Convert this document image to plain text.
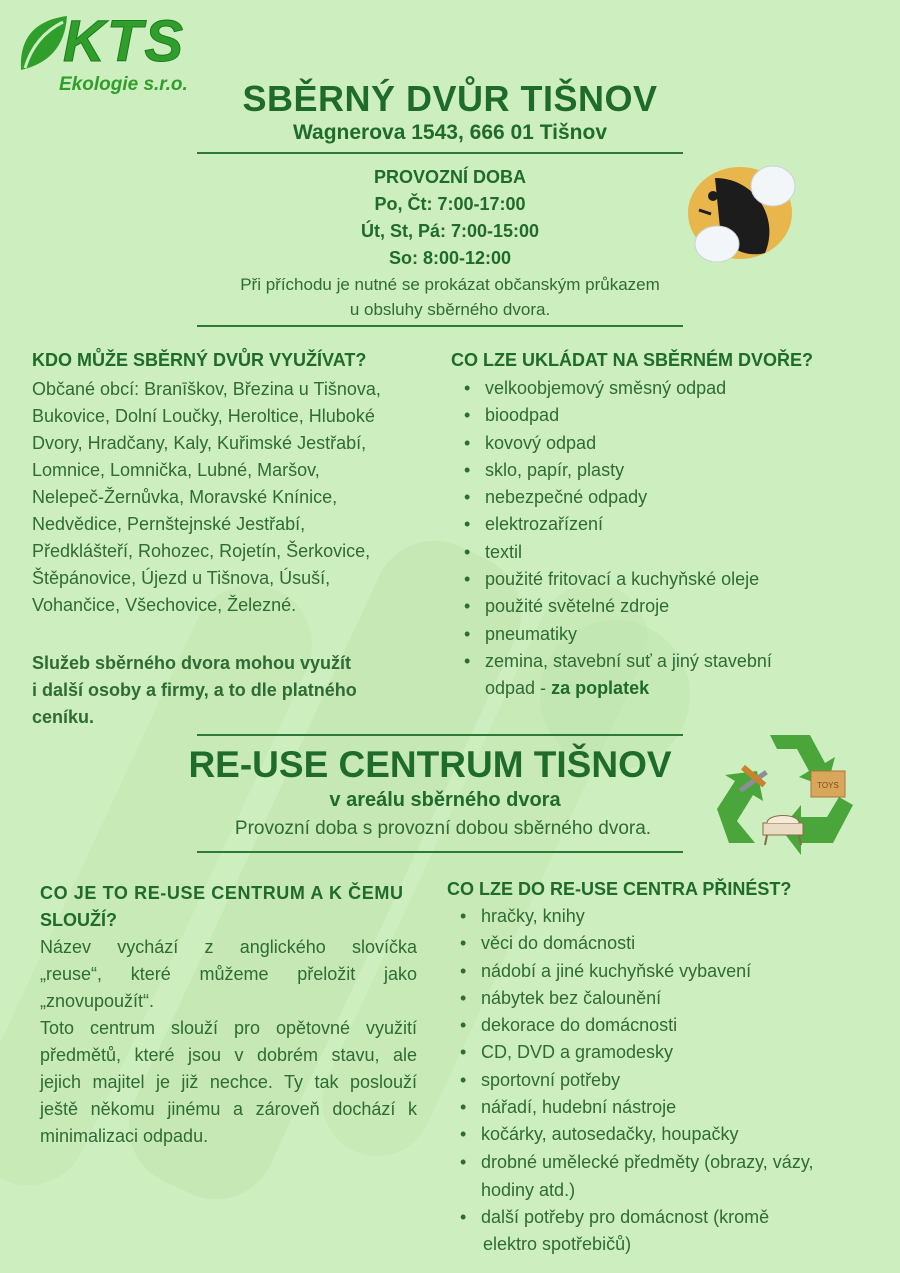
KTS
Ekologie s.r.o.	SBĚRNÝ DVŮR TIŠNOV
Wagnerova 1543, 666 01 Tišnov
PROVOZNÍ DOBA
Po, Čt: 7:00-17:00
Út, St, Pá: 7:00-15:00
So: 8:00-12:00
Při příchodu je nutné se prokázat občanským průkazem
u obsluhy sběrného dvora.
KDO MŮŽE SBĚRNÝ DVŮR VYUŽÍVAT?

Občané obcí: Branīškov, Březina u Tišnova,

Bukovice, Dolní Loučky, Heroltice, Hluboké

Dvory, Hradčany, Kaly, Kuřimské Jestřabí,

Lomnice, Lomnička, Lubné, Maršov,

Nelepeč-Žernůvka, Moravské Knínice,

Nedvědice, Pernštejnské Jestřabí,

Předklášteří, Rohozec, Rojetín, Šerkovice,

Štěpánovice, Újezd u Tišnova, Úsuší,

Vohančice, Všechovice, Železné.

Služeb sběrného dvora mohou využít

i další osoby a firmy, a to dle platného

ceníku.

CO LZE UKLÁDAT NA SBĚRNÉM DVOŘE?
• velkoobjemový směsný odpad
• bioodpad
• kovový odpad
• sklo, papír, plasty
• nebezpečné odpady
• elektrozařízení
• textil
• použité fritovací a kuchyňské oleje
• použité světelné zdroje
• pneumatiky
• zemina, stavební suť a jiný stavební
odpad - za poplatek
RE-USE CENTRUM TIŠNOV
v areálu sběrného dvora
Provozní doba s provozní dobou sběrného dvora.
TOYS
CO JE TO RE-USE CENTRUM A K ČEMU
SLOUŽÍ?

Název vychází z anglického slovíčka

„reuse“, které můžeme přeložit jako

„znovupoužít“.

Toto centrum slouží pro opětovné využití

předmětů, které jsou v dobrém stavu, ale

jejich majitel je již nechce. Ty tak poslouží

ještě někomu jinému a zároveň dochází k

minimalizaci odpadu.

CO LZE DO RE-USE CENTRA PŘINÉST?
• hračky, knihy
• věci do domácnosti
• nádobí a jiné kuchyňské vybavení
• nábytek bez čalounění
• dekorace do domácnosti
• CD, DVD a gramodesky
• sportovní potřeby
• nářadí, hudební nástroje
• kočárky, autosedačky, houpačky
• drobné umělecké předměty (obrazy, vázy,
hodiny atd.)
• další potřeby pro domácnost (kromě
elektro spotřebičů)
